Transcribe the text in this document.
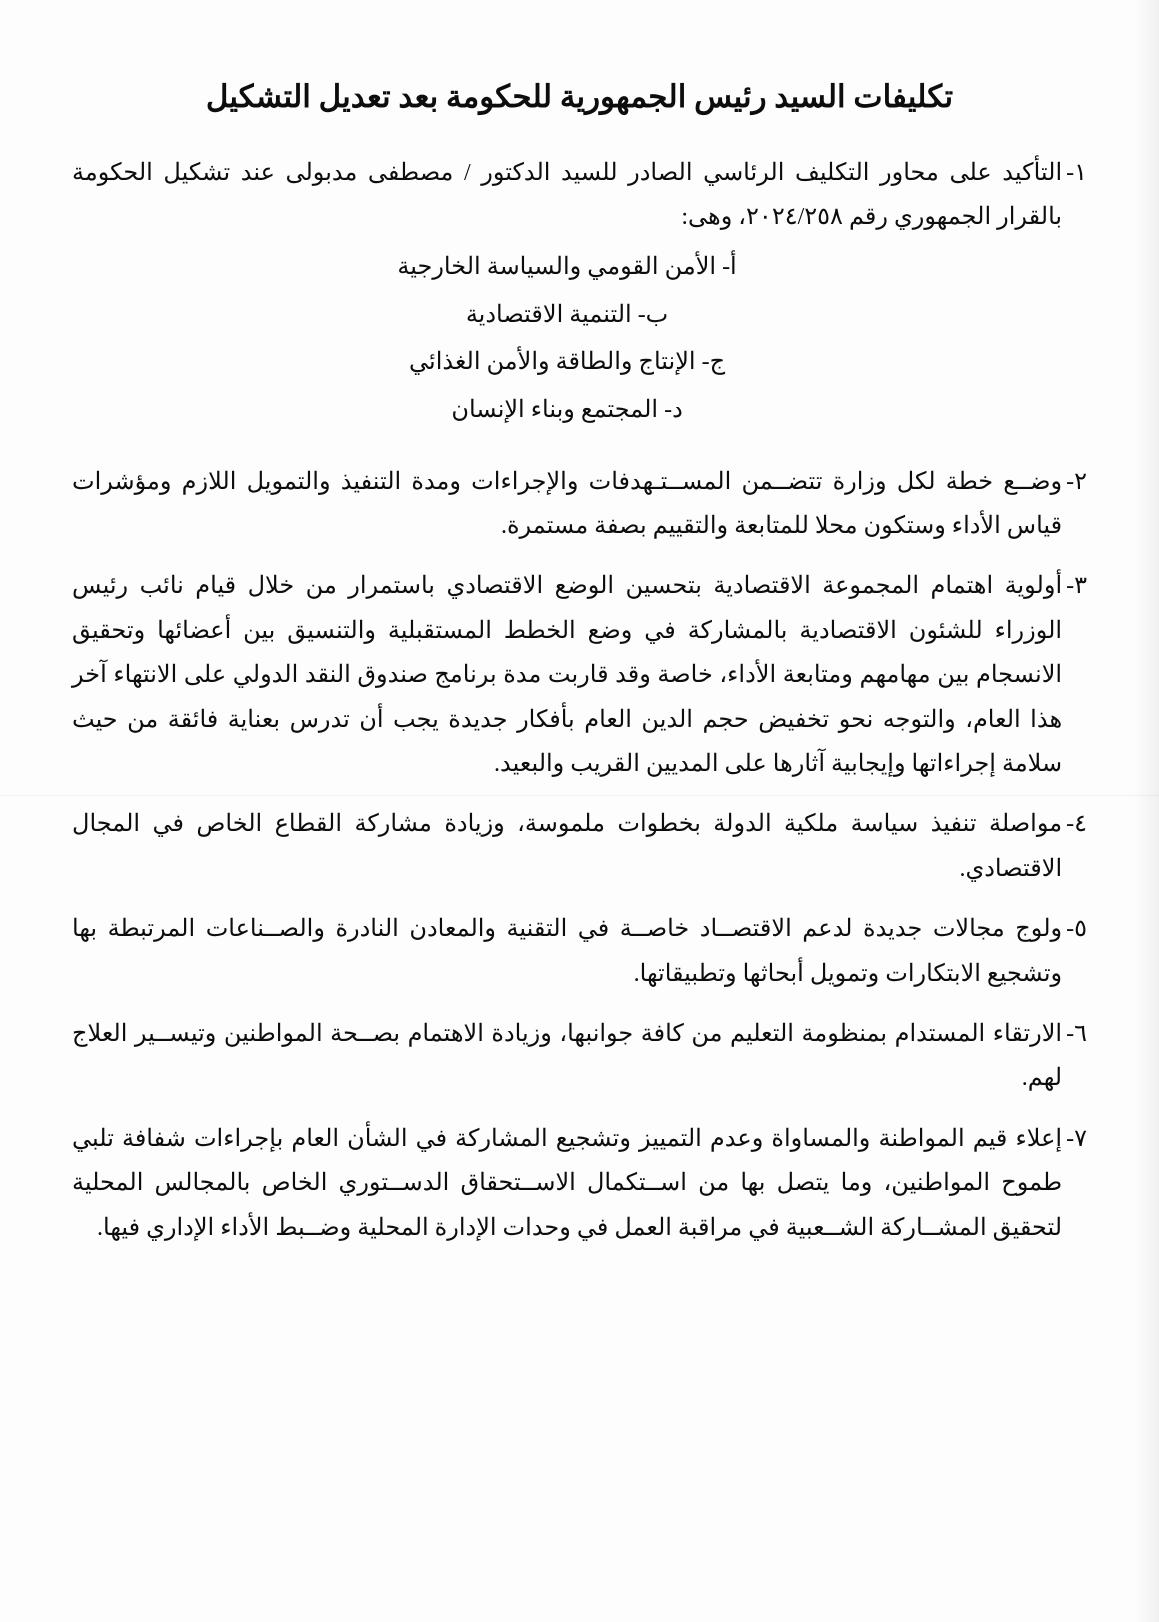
تكليفات السيد رئيس الجمهورية للحكومة بعد تعديل التشكيل
١-
التأكيد على محاور التكليف الرئاسي الصادر للسيد الدكتور / مصطفى مدبولى عند تشكيل الحكومة بالقرار الجمهوري رقم ٢٠٢٤/٢٥٨، وهى:
أ- الأمن القومي والسياسة الخارجية
ب- التنمية الاقتصادية
ج- الإنتاج والطاقة والأمن الغذائي
د- المجتمع وبناء الإنسان
٢-
وضــع خطة لكل وزارة تتضــمن المســتـهدفات والإجراءات ومدة التنفيذ والتمويل اللازم ومؤشرات قياس الأداء وستكون محلا للمتابعة والتقييم بصفة مستمرة.
٣-
أولوية اهتمام المجموعة الاقتصادية بتحسين الوضع الاقتصادي باستمرار من خلال قيام نائب رئيس الوزراء للشئون الاقتصادية بالمشاركة في وضع الخطط المستقبلية والتنسيق بين أعضائها وتحقيق الانسجام بين مهامهم ومتابعة الأداء، خاصة وقد قاربت مدة برنامج صندوق النقد الدولي على الانتهاء آخر هذا العام، والتوجه نحو تخفيض حجم الدين العام بأفكار جديدة يجب أن تدرس بعناية فائقة من حيث سلامة إجراءاتها وإيجابية آثارها على المديين القريب والبعيد.
٤-
مواصلة تنفيذ سياسة ملكية الدولة بخطوات ملموسة، وزيادة مشاركة القطاع الخاص في المجال الاقتصادي.
٥-
ولوج مجالات جديدة لدعم الاقتصــاد خاصــة في التقنية والمعادن النادرة والصــناعات المرتبطة بها وتشجيع الابتكارات وتمويل أبحاثها وتطبيقاتها.
٦-
الارتقاء المستدام بمنظومة التعليم من كافة جوانبها، وزيادة الاهتمام بصــحة المواطنين وتيســير العلاج لهم.
٧-
إعلاء قيم المواطنة والمساواة وعدم التمييز وتشجيع المشاركة في الشأن العام بإجراءات شفافة تلبي طموح المواطنين، وما يتصل بها من اســتكمال الاســتحقاق الدســتوري الخاص بالمجالس المحلية لتحقيق المشــاركة الشــعبية في مراقبة العمل في وحدات الإدارة المحلية وضــبط الأداء الإداري فيها.
